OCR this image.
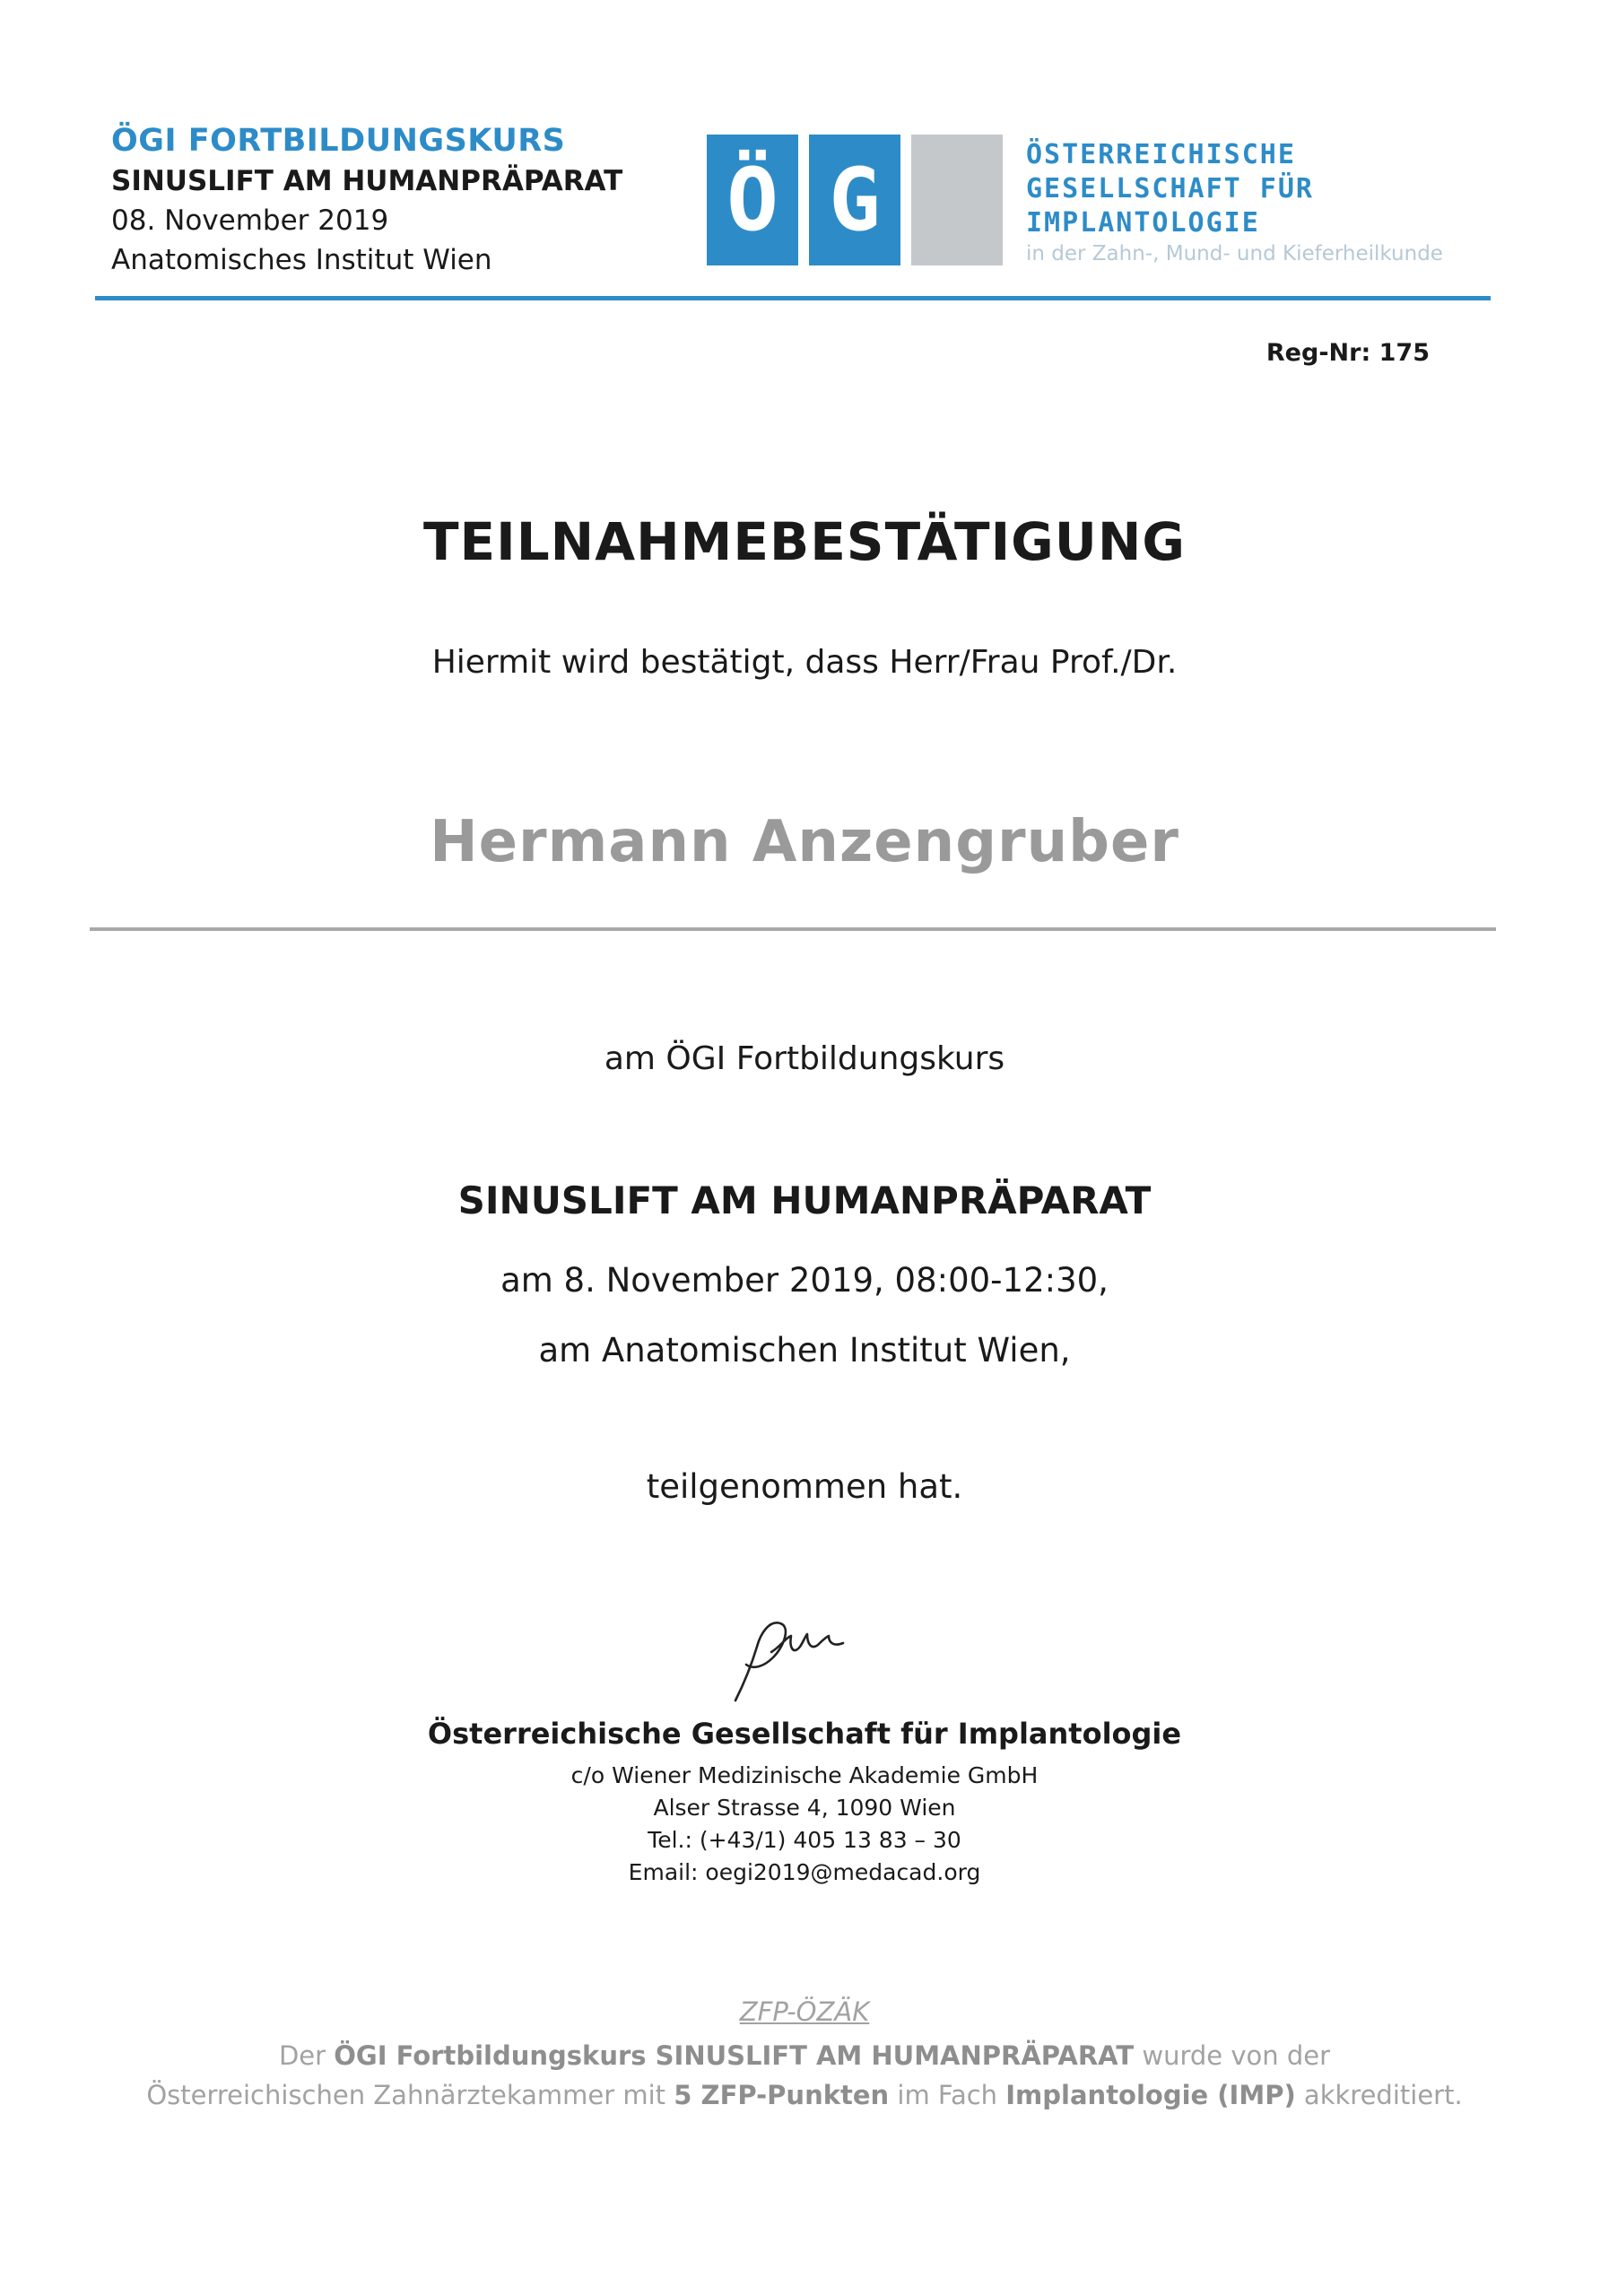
ÖGI FORTBILDUNGSKURS
SINUSLIFT AM HUMANPRÄPARAT
08. November 2019
Anatomisches Institut Wien
Ö G	ÖSTERREICHISCHE
GESELLSCHAFT FÜR
IMPLANTOLOGIE
in der Zahn-, Mund- und Kieferheilkunde
Reg-Nr: 175
TEILNAHMEBESTÄTIGUNG
Hiermit wird bestätigt, dass Herr/Frau Prof./Dr.
Hermann Anzengruber
am ÖGI Fortbildungskurs
SINUSLIFT AM HUMANPRÄPARAT
am 8. November 2019, 08:00-12:30,
am Anatomischen Institut Wien,
teilgenommen hat.
Österreichische Gesellschaft für Implantologie
c/o Wiener Medizinische Akademie GmbH
Alser Strasse 4, 1090 Wien
Tel.: (+43/1) 405 13 83 – 30
Email: oegi2019@medacad.org
ZFP-ÖZÄK
Der ÖGI Fortbildungskurs SINUSLIFT AM HUMANPRÄPARAT wurde von der
Österreichischen Zahnärztekammer mit 5 ZFP-Punkten im Fach Implantologie (IMP) akkreditiert.
